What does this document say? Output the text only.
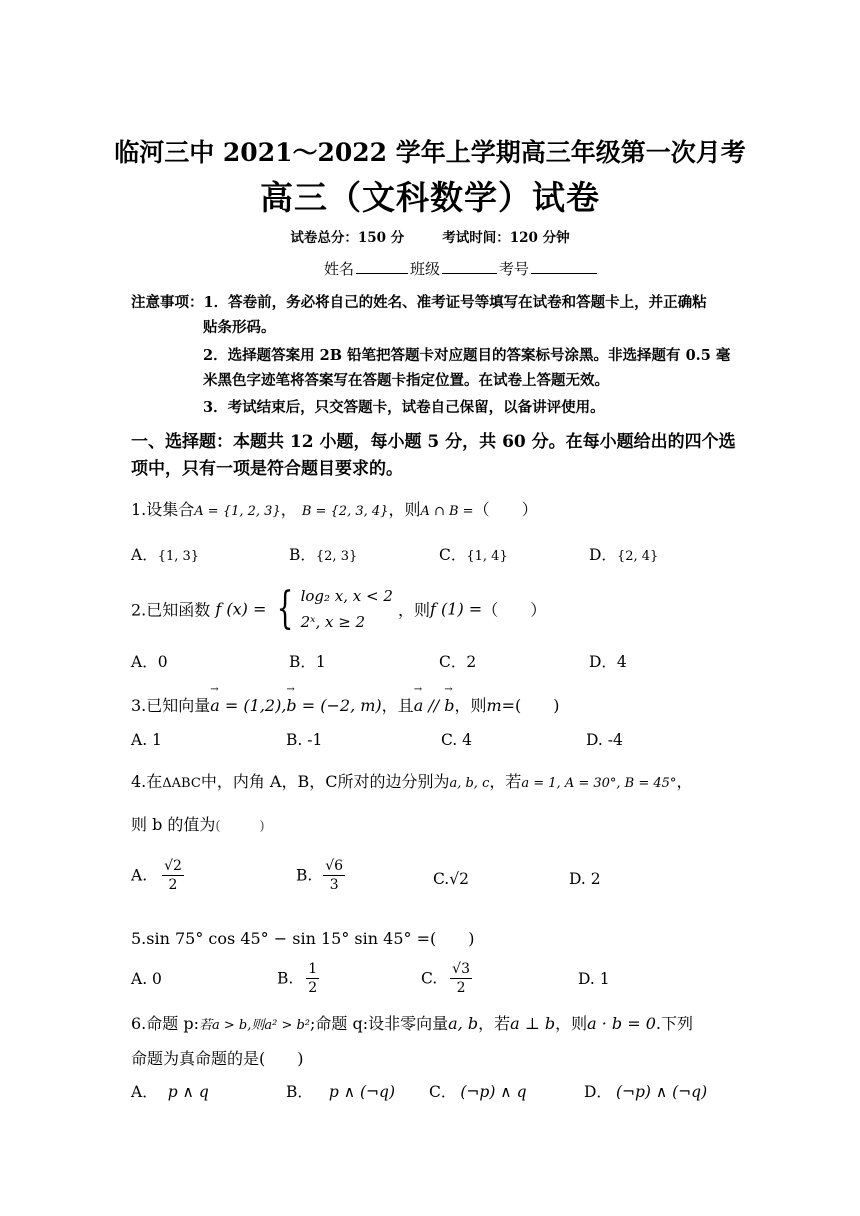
临河三中 2021～2022 学年上学期高三年级第一次月考
高三（文科数学）试卷
试卷总分：150 分	考试时间：120 分钟
姓名	班级	考号
注意事项：1．答卷前，务必将自己的姓名、准考证号等填写在试卷和答题卡上，并正确粘
贴条形码。
2．选择题答案用 2B 铅笔把答题卡对应题目的答案标号涂黑。非选择题有 0.5 毫
米黑色字迹笔将答案写在答题卡指定位置。在试卷上答题无效。
3．考试结束后，只交答题卡，试卷自己保留，以备讲评使用。
一、选择题：本题共 12 小题，每小题 5 分，共 60 分。在每小题给出的四个选
项中，只有一项是符合题目要求的。
1.设集合A = {1, 2, 3}， B = {2, 3, 4}，则A ∩ B =（　　）
A．{1, 3}	B．{2, 3}	C．{1, 4}	D．{2, 4}
2.已知函数 f (x) = { log₂ x, x < 2
2ˣ, x ≥ 2
，则f (1) =（　　）
A．0	B．1	C．2	D．4
3.已知向量→ a = (1,2),→ b = (−2, m)，且→ a // → b，则m=(　　)
A. 1	B. -1	C. 4	D. -4
4.在ΔABC中，内角 A，B，C所对的边分别为a, b, c，若a = 1, A = 30°, B = 45°，
则 b 的值为(　　　)
A. $\frac{√2}{2}$	B. $\frac{√6}{3}$	C.√2	D. 2
5.sin 75° cos 45° − sin 15° sin 45° =(　　)
A. 0	B. $\frac{1}{2}$	C. $\frac{√3}{2}$	D. 1
6.命题 p:若a > b,则a² > b²;命题 q:设非零向量a, b，若a ⊥ b，则a · b = 0.下列
命题为真命题的是(　　)
A． p ∧ q	B． p ∧ (¬q) C． (¬p) ∧ q	D． (¬p) ∧ (¬q)
